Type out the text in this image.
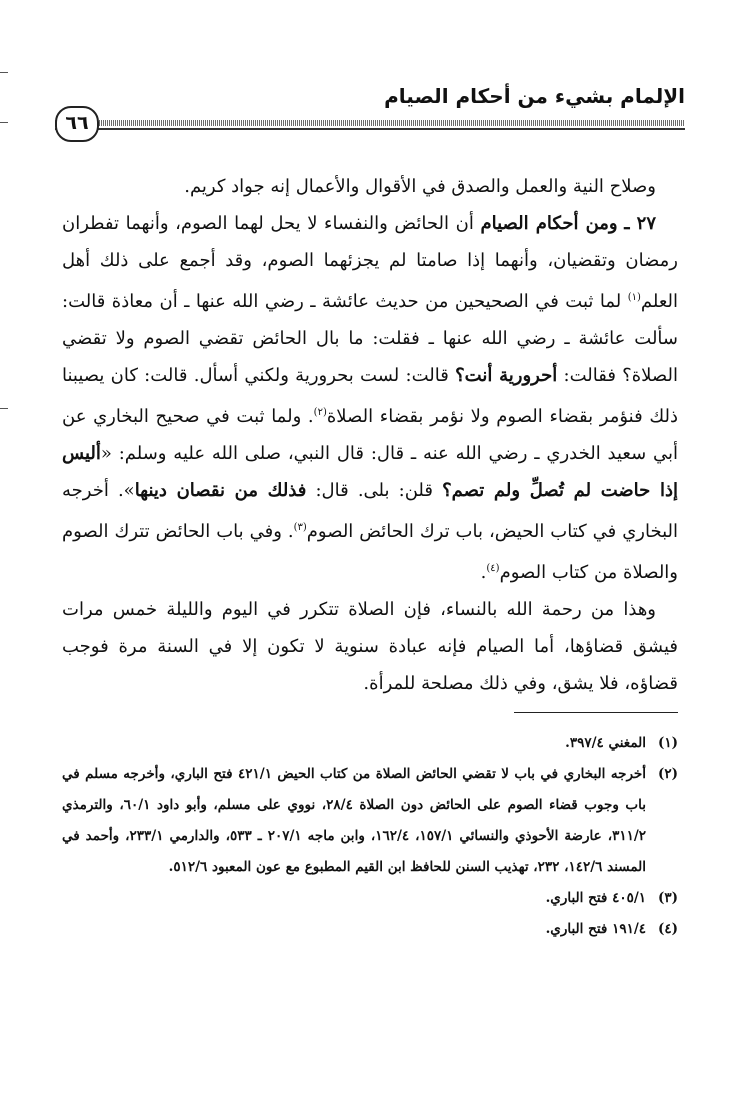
الإلمام بشيء من أحكام الصيام
٦٦

وصلاح النية والعمل والصدق في الأقوال والأعمال إنه جواد كريم.

٢٧ ـ ومن أحكام الصيام أن الحائض والنفساء لا يحل لهما الصوم، وأنهما تفطران رمضان وتقضيان، وأنهما إذا صامتا لم يجزئهما الصوم، وقد أجمع على ذلك أهل العلم$^{(١)}$ لما ثبت في الصحيحين من حديث عائشة ـ رضي الله عنها ـ أن معاذة قالت: سألت عائشة ـ رضي الله عنها ـ فقلت: ما بال الحائض تقضي الصوم ولا تقضي الصلاة؟ فقالت: أحرورية أنت؟ قالت: لست بحرورية ولكني أسأل. قالت: كان يصيبنا ذلك فنؤمر بقضاء الصوم ولا نؤمر بقضاء الصلاة$^{(٢)}$. ولما ثبت في صحيح البخاري عن أبي سعيد الخدري ـ رضي الله عنه ـ قال: قال النبي، صلى الله عليه وسلم: «أليس إذا حاضت لم تُصلِّ ولم تصم؟ قلن: بلى. قال: فذلك من نقصان دينها». أخرجه البخاري في كتاب الحيض، باب ترك الحائض الصوم$^{(٣)}$. وفي باب الحائض تترك الصوم والصلاة من كتاب الصوم$^{(٤)}$.

وهذا من رحمة الله بالنساء، فإن الصلاة تتكرر في اليوم والليلة خمس مرات فيشق قضاؤها، أما الصيام فإنه عبادة سنوية لا تكون إلا في السنة مرة فوجب قضاؤه، فلا يشق، وفي ذلك مصلحة للمرأة.

(١)
المغني ٣٩٧/٤.
(٢)
أخرجه البخاري في باب لا تقضي الحائض الصلاة من كتاب الحيض ٤٢١/١ فتح الباري، وأخرجه مسلم في باب وجوب قضاء الصوم على الحائض دون الصلاة ٢٨/٤، نووي على مسلم، وأبو داود ٦٠/١، والترمذي ٣١١/٢، عارضة الأحوذي والنسائي ١٥٧/١، ١٦٢/٤، وابن ماجه ٢٠٧/١ ـ ٥٣٣، والدارمي ٢٣٣/١، وأحمد في المسند ١٤٢/٦، ٢٣٢، تهذيب السنن للحافظ ابن القيم المطبوع مع عون المعبود ٥١٢/٦.
(٣)
٤٠٥/١ فتح الباري.
(٤)
١٩١/٤ فتح الباري.
